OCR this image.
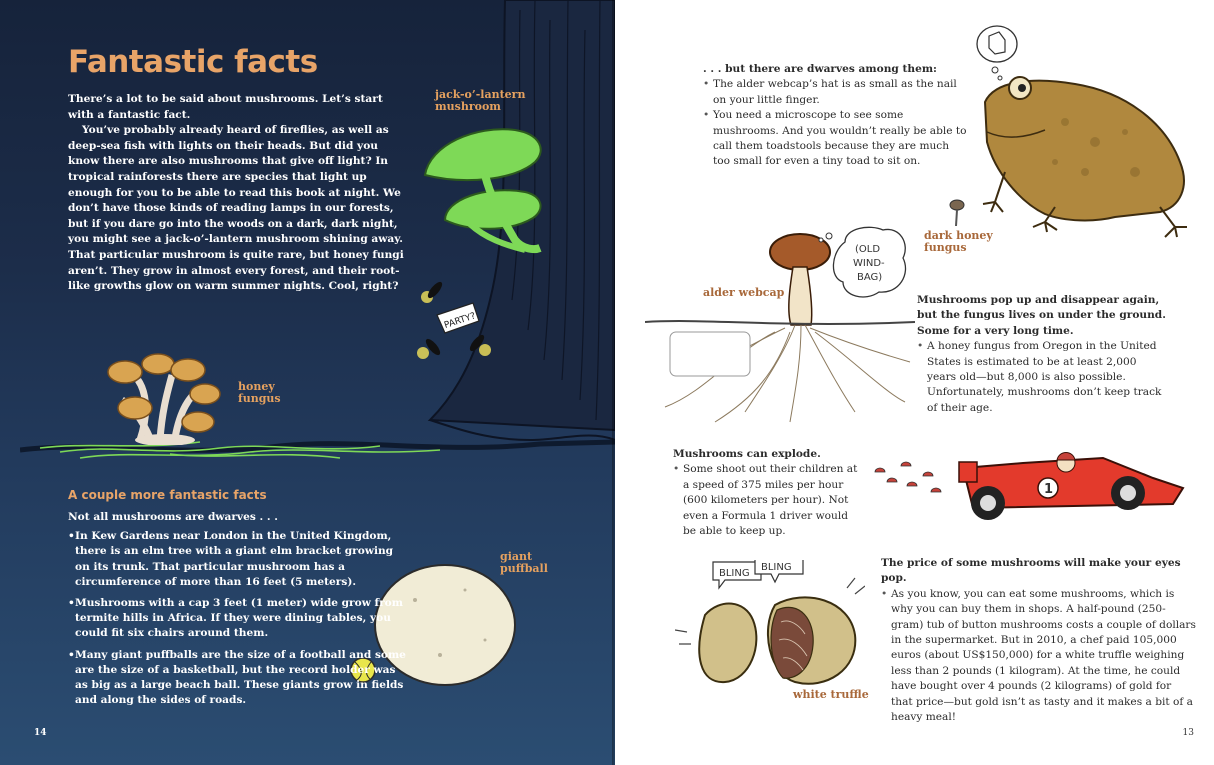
PARTY?
Fantastic facts

There’s a lot to be said about mushrooms. Let’s start with a fantastic fact.

You’ve probably already heard of fireflies, as well as deep-sea fish with lights on their heads. But did you know there are also mushrooms that give off light? In tropical rainforests there are species that light up enough for you to be able to read this book at night. We don’t have those kinds of reading lamps in our forests, but if you dare go into the woods on a dark, dark night, you might see a jack-o’-lantern mushroom shining away. That particular mushroom is quite rare, but honey fungi aren’t. They grow in almost every forest, and their root-like growths glow on warm summer nights. Cool, right?

jack-o’-lantern
mushroom
honey
fungus
A couple more fantastic facts

Not all mushrooms are dwarves . . .

• In Kew Gardens near London in the United Kingdom, there is an elm tree with a giant elm bracket growing on its trunk. That particular mushroom has a circumference of more than 16 feet (5 meters).
• Mushrooms with a cap 3 feet (1 meter) wide grow from termite hills in Africa. If they were dining tables, you could fit six chairs around them.
• Many giant puffballs are the size of a football and some are the size of a basketball, but the record holder was as big as a large beach ball. These giants grow in fields and along the sides of roads.
giant
puffball
14
(OLD
WIND-
BAG)
1
BLING
BLING
. . . but there are dwarves among them:
• The alder webcap’s hat is as small as the nail on your little finger.
• You need a microscope to see some mushrooms. And you wouldn’t really be able to call them toadstools because they are much too small for even a tiny toad to sit on.
dark honey
fungus
alder webcap
Mushrooms pop up and disappear again, but the fungus lives on under the ground. Some for a very long time.
• A honey fungus from Oregon in the United States is estimated to be at least 2,000 years old—but 8,000 is also possible. Unfortunately, mushrooms don’t keep track of their age.
Mushrooms can explode.
• Some shoot out their children at a speed of 375 miles per hour (600 kilometers per hour). Not even a Formula 1 driver would be able to keep up.
The price of some mushrooms will make your eyes pop.
• As you know, you can eat some mushrooms, which is why you can buy them in shops. A half-pound (250-gram) tub of button mushrooms costs a couple of dollars in the supermarket. But in 2010, a chef paid 105,000 euros (about US$150,000) for a white truffle weighing less than 2 pounds (1 kilogram). At the time, he could have bought over 4 pounds (2 kilograms) of gold for that price—but gold isn’t as tasty and it makes a bit of a heavy meal!
white truffle
13
